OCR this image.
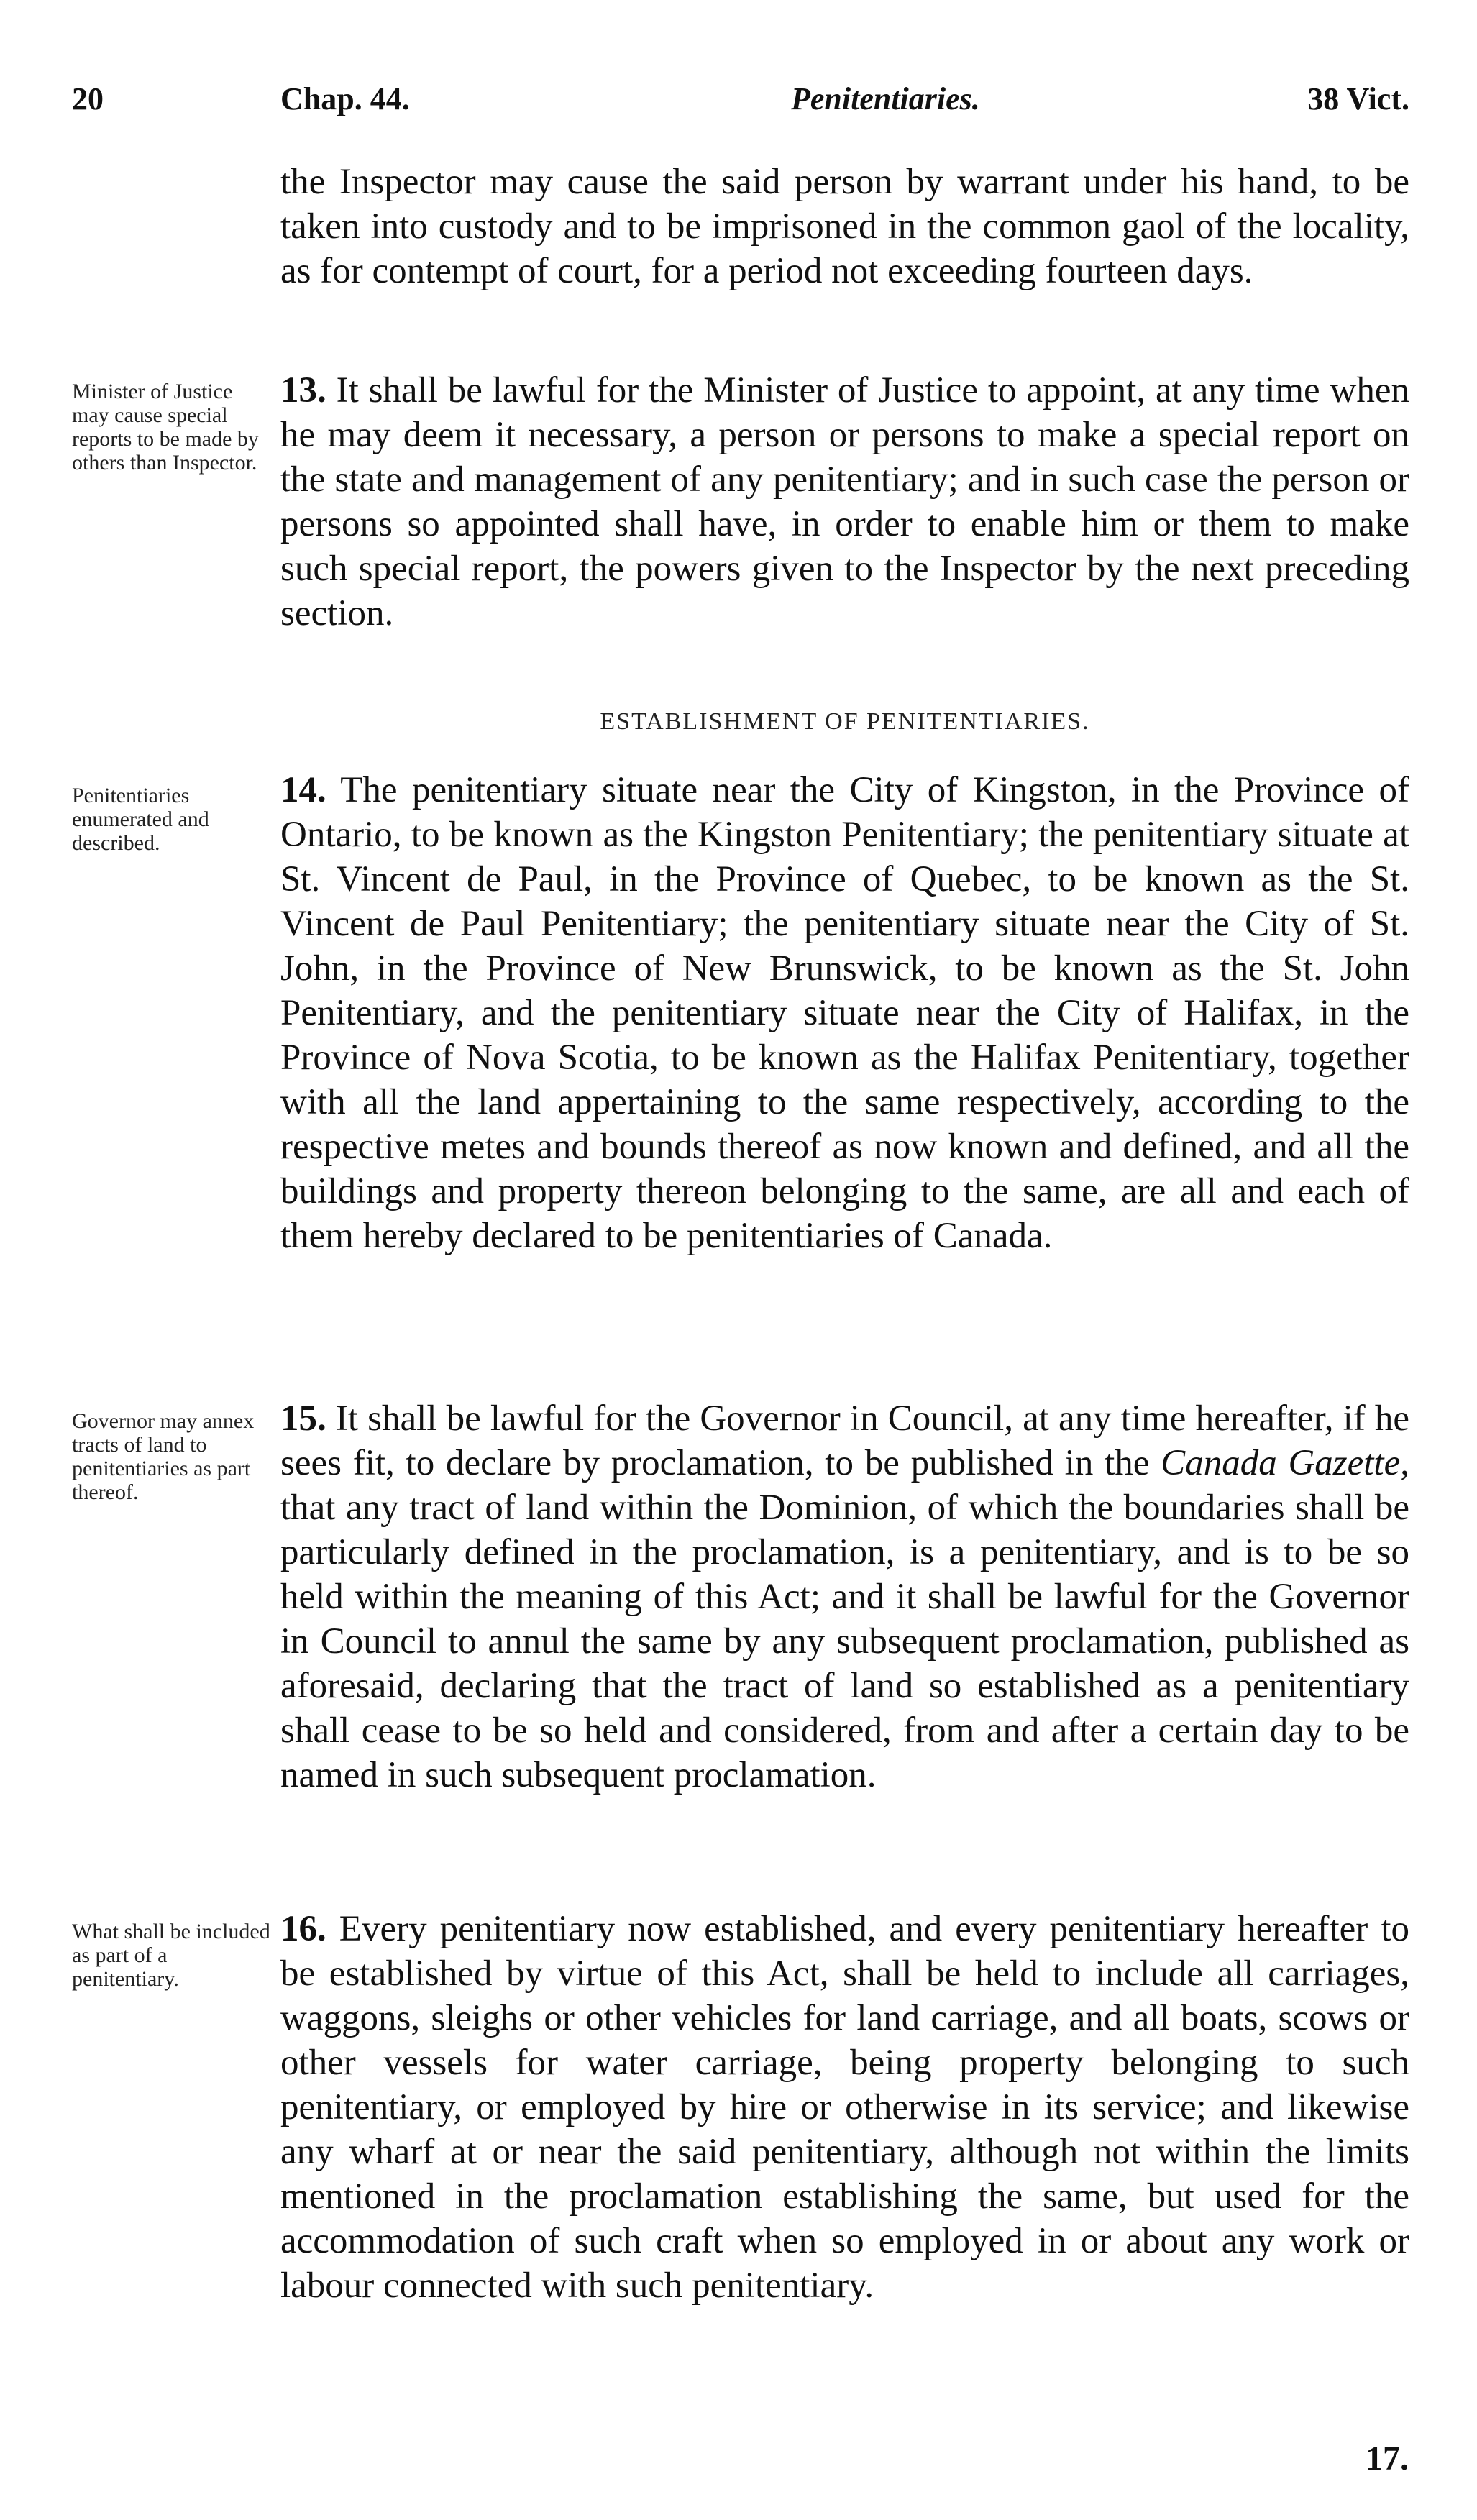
20	Chap. 44.	Penitentiaries.	38 Vict.
the Inspector may cause the said person by warrant under his hand, to be taken into custody and to be imprisoned in the common gaol of the locality, as for contempt of court, for a period not exceeding fourteen days.
Minister of Justice may cause special reports to be made by others than Inspector.
13. It shall be lawful for the Minister of Justice to appoint, at any time when he may deem it necessary, a person or persons to make a special report on the state and management of any penitentiary; and in such case the person or persons so appointed shall have, in order to enable him or them to make such special report, the powers given to the Inspector by the next preceding section.
ESTABLISHMENT OF PENITENTIARIES.
Penitentiaries enumerated and described.
14. The penitentiary situate near the City of Kingston, in the Province of Ontario, to be known as the Kingston Penitentiary; the penitentiary situate at St. Vincent de Paul, in the Province of Quebec, to be known as the St. Vincent de Paul Penitentiary; the penitentiary situate near the City of St. John, in the Province of New Brunswick, to be known as the St. John Penitentiary, and the penitentiary situate near the City of Halifax, in the Province of Nova Scotia, to be known as the Halifax Penitentiary, together with all the land appertaining to the same respectively, according to the respective metes and bounds thereof as now known and defined, and all the buildings and property thereon belonging to the same, are all and each of them hereby declared to be penitentiaries of Canada.
Governor may annex tracts of land to penitentiaries as part thereof.
15. It shall be lawful for the Governor in Council, at any time hereafter, if he sees fit, to declare by proclamation, to be published in the Canada Gazette, that any tract of land within the Dominion, of which the boundaries shall be particularly defined in the proclamation, is a penitentiary, and is to be so held within the meaning of this Act; and it shall be lawful for the Governor in Council to annul the same by any subsequent proclamation, published as aforesaid, declaring that the tract of land so established as a penitentiary shall cease to be so held and considered, from and after a certain day to be named in such subsequent proclamation.
What shall be included as part of a penitentiary.
16. Every penitentiary now established, and every penitentiary hereafter to be established by virtue of this Act, shall be held to include all carriages, waggons, sleighs or other vehicles for land carriage, and all boats, scows or other vessels for water carriage, being property belonging to such penitentiary, or employed by hire or otherwise in its service; and likewise any wharf at or near the said penitentiary, although not within the limits mentioned in the proclamation establishing the same, but used for the accommodation of such craft when so employed in or about any work or labour connected with such penitentiary.
17.
